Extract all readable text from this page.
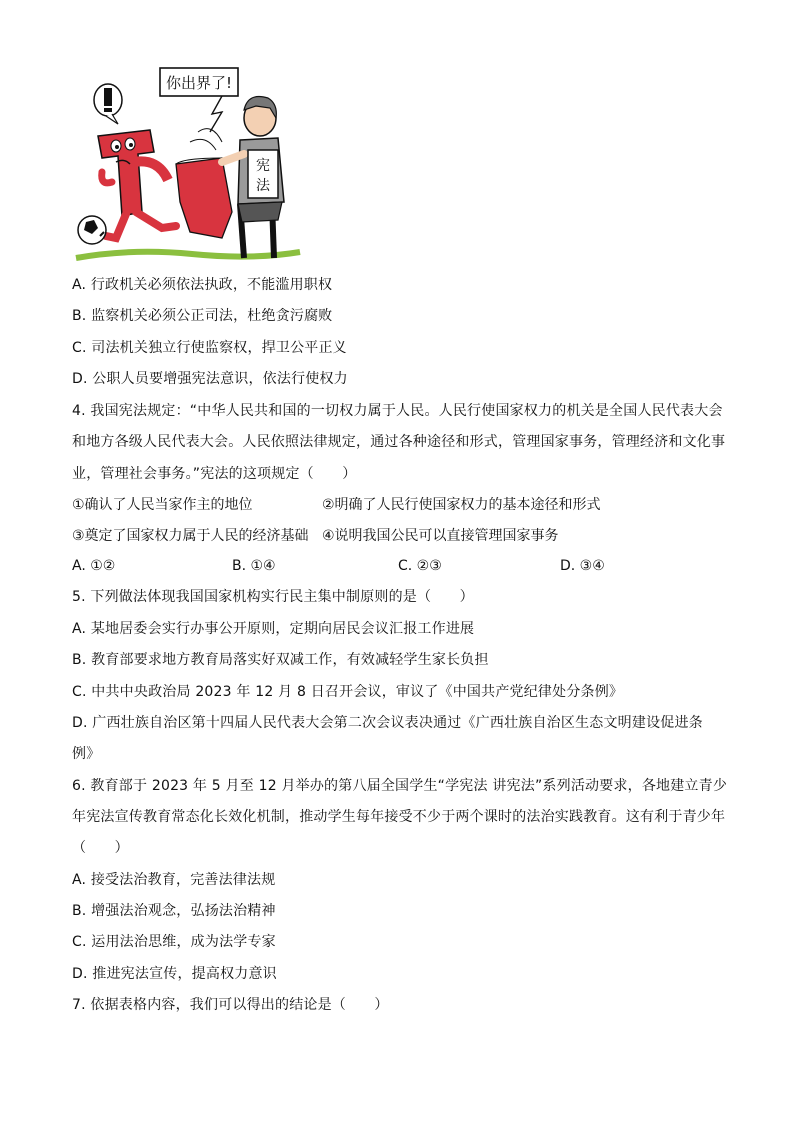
你出界了!
宪
法
A. 行政机关必须依法执政，不能滥用职权
B. 监察机关必须公正司法，杜绝贪污腐败
C. 司法机关独立行使监察权，捍卫公平正义
D. 公职人员要增强宪法意识，依法行使权力
4. 我国宪法规定：“中华人民共和国的一切权力属于人民。人民行使国家权力的机关是全国人民代表大会
和地方各级人民代表大会。人民依照法律规定，通过各种途径和形式，管理国家事务，管理经济和文化事
业，管理社会事务。”宪法的这项规定（　　）
①确认了人民当家作主的地位	②明确了人民行使国家权力的基本途径和形式
③奠定了国家权力属于人民的经济基础 ④说明我国公民可以直接管理国家事务
A. ①②	B. ①④	C. ②③	D. ③④
5. 下列做法体现我国国家机构实行民主集中制原则的是（　　）
A. 某地居委会实行办事公开原则，定期向居民会议汇报工作进展
B. 教育部要求地方教育局落实好双减工作，有效减轻学生家长负担
C. 中共中央政治局 2023 年 12 月 8 日召开会议，审议了《中国共产党纪律处分条例》
D. 广西壮族自治区第十四届人民代表大会第二次会议表决通过《广西壮族自治区生态文明建设促进条
例》
6. 教育部于 2023 年 5 月至 12 月举办的第八届全国学生“学宪法 讲宪法”系列活动要求，各地建立青少
年宪法宣传教育常态化长效化机制，推动学生每年接受不少于两个课时的法治实践教育。这有利于青少年
（　　）
A. 接受法治教育，完善法律法规
B. 增强法治观念，弘扬法治精神
C. 运用法治思维，成为法学专家
D. 推进宪法宣传，提高权力意识
7. 依据表格内容，我们可以得出的结论是（　　）
